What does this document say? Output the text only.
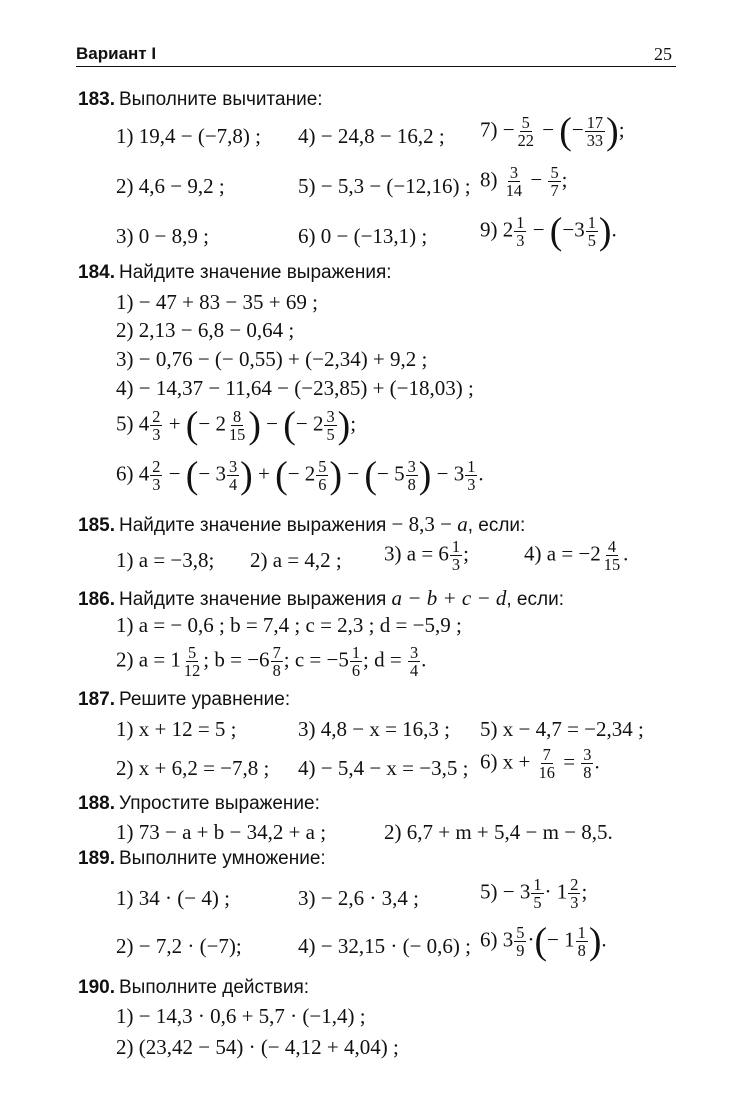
Вариант I	25
183. Выполните вычитание:
1) 19,4 − (−7,8) ; 4) − 24,8 − 16,2 ; $7) - \frac{5}{22}$ − (− $\frac{17}{33}$ );
2) 4,6 − 9,2 ;	5) − 5,3 − (−12,16) ; $8) \frac{3}{14} - \frac{5}{7}$ ;
3) 0 − 8,9 ;	6) 0 − (−13,1) ;	9) $2 \frac{1}{3} - (-3 \frac{1}{5}$ ).
184. Найдите значение выражения:
1) − 47 + 83 − 35 + 69 ;
2) 2,13 − 6,8 − 0,64 ;
3) − 0,76 − (− 0,55) + (−2,34) + 9,2 ;
4) − 14,37 − 11,64 − (−23,85) + (−18,03) ;
5) $4 \frac{2}{3}$ + (− $2 \frac{8}{15}$ ) − (− $2 \frac{3}{5}$ );
6) $4 \frac{2}{3}$ − (− $3 \frac{3}{4}$ ) + (− $2 \frac{5}{6}$ ) − (− $5 \frac{3}{8}$ ) − $3 \frac{1}{3}$ .
185. Найдите значение выражения − 8,3 − a, если:
1) a = −3,8; 2) a = 4,2 ; 3) $a = 6 \frac{1}{3}$ ;	4) $a = -2 \frac{4}{15}$ .
186. Найдите значение выражения a − b + c − d, если:
1) a = − 0,6 ; b = 7,4 ; c = 2,3 ; d = −5,9 ;
2) $a = 1 \frac{5}{12}$ ; $b = -6 \frac{7}{8}$ ; $c = -5 \frac{1}{6}$ ; $d = \frac{3}{4}$ .
187. Решите уравнение:
1) x + 12 = 5 ;	3) 4,8 − x = 16,3 ; 5) x − 4,7 = −2,34 ;
2) x + 6,2 = −7,8 ; 4) − 5,4 − x = −3,5 ; 6) $x + \frac{7}{16} = \frac{3}{8}$ .
188. Упростите выражение:
1) 73 − a + b − 34,2 + a ;	2) 6,7 + m + 5,4 − m − 8,5.
189. Выполните умножение:
1) 34 · (− 4) ;	3) − 2,6 · 3,4 ;	$5) - 3 \frac{1}{5} \cdot 1 \frac{2}{3}$ ;
2) − 7,2 · (−7);	4) − 32,15 · (− 0,6) ; 6) $3 \frac{5}{9}$ ·(− $1 \frac{1}{8}$ ).
190. Выполните действия:
1) − 14,3 · 0,6 + 5,7 · (−1,4) ;
2) (23,42 − 54) · (− 4,12 + 4,04) ;
